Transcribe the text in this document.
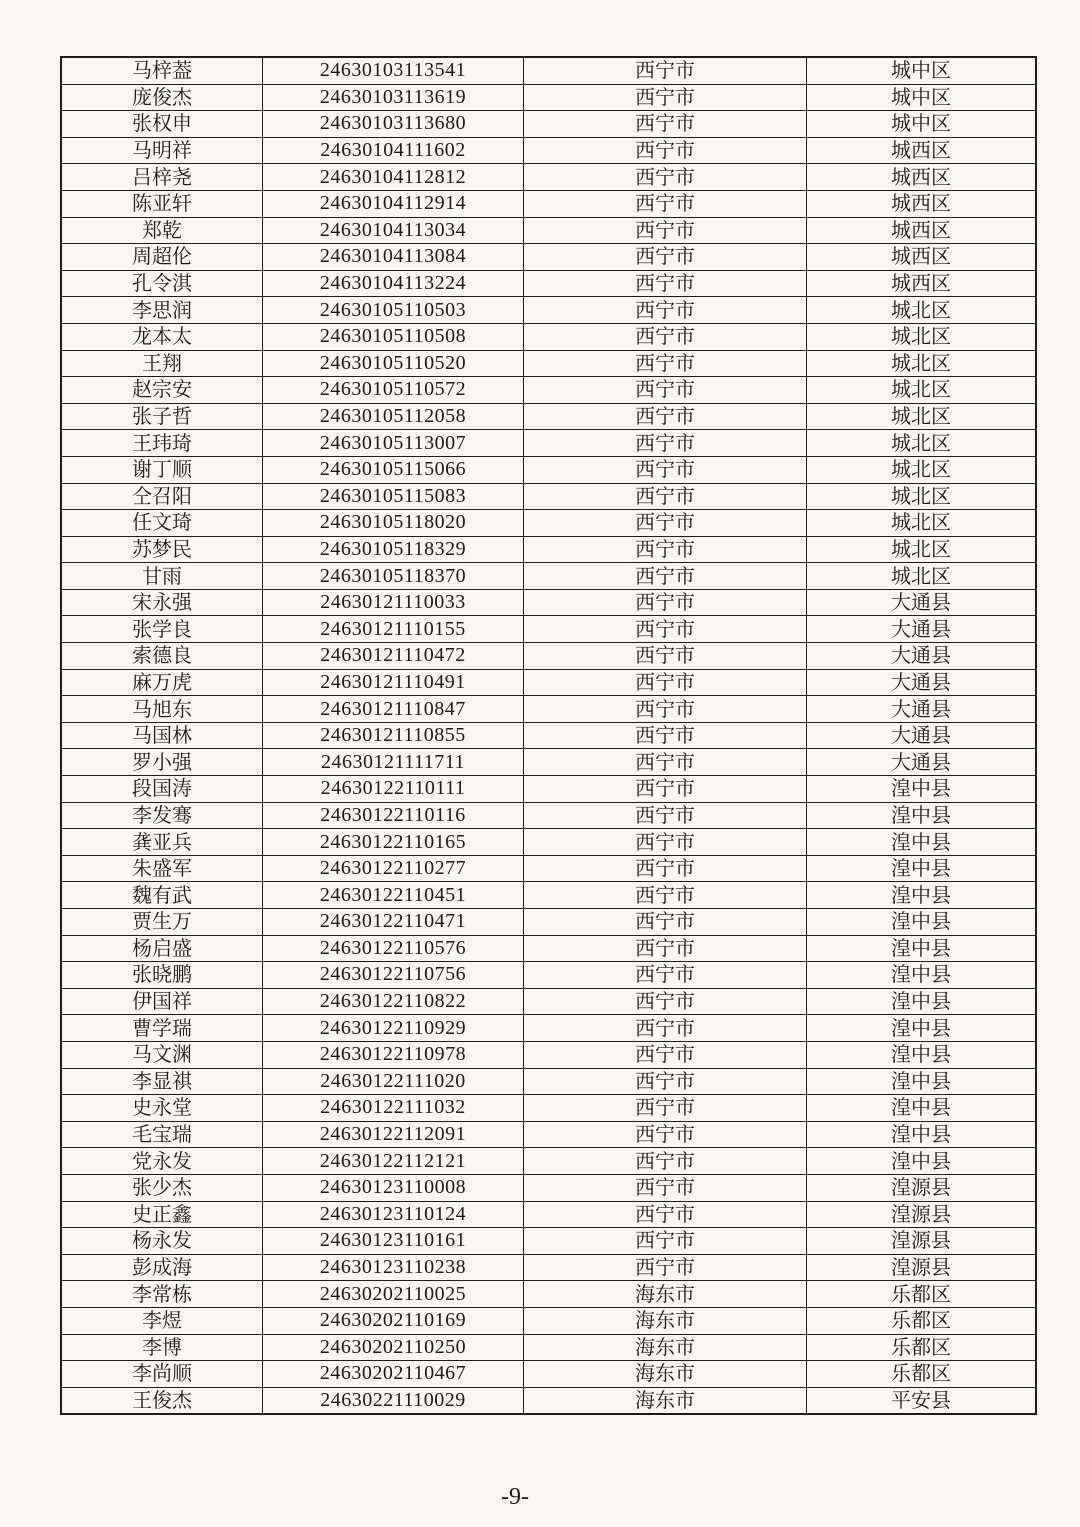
马梓葢	24630103113541	西宁市	城中区
庞俊杰	24630103113619	西宁市	城中区
张权申	24630103113680	西宁市	城中区
马明祥	24630104111602	西宁市	城西区
吕梓尧	24630104112812	西宁市	城西区
陈亚轩	24630104112914	西宁市	城西区
郑乾	24630104113034	西宁市	城西区
周超伦	24630104113084	西宁市	城西区
孔令淇	24630104113224	西宁市	城西区
李思润	24630105110503	西宁市	城北区
龙本太	24630105110508	西宁市	城北区
王翔	24630105110520	西宁市	城北区
赵宗安	24630105110572	西宁市	城北区
张子哲	24630105112058	西宁市	城北区
王玮琦	24630105113007	西宁市	城北区
谢丁顺	24630105115066	西宁市	城北区
仝召阳	24630105115083	西宁市	城北区
任文琦	24630105118020	西宁市	城北区
苏梦民	24630105118329	西宁市	城北区
甘雨	24630105118370	西宁市	城北区
宋永强	24630121110033	西宁市	大通县
张学良	24630121110155	西宁市	大通县
索德良	24630121110472	西宁市	大通县
麻万虎	24630121110491	西宁市	大通县
马旭东	24630121110847	西宁市	大通县
马国林	24630121110855	西宁市	大通县
罗小强	24630121111711	西宁市	大通县
段国涛	24630122110111	西宁市	湟中县
李发骞	24630122110116	西宁市	湟中县
龚亚兵	24630122110165	西宁市	湟中县
朱盛军	24630122110277	西宁市	湟中县
魏有武	24630122110451	西宁市	湟中县
贾生万	24630122110471	西宁市	湟中县
杨启盛	24630122110576	西宁市	湟中县
张晓鹏	24630122110756	西宁市	湟中县
伊国祥	24630122110822	西宁市	湟中县
曹学瑞	24630122110929	西宁市	湟中县
马文渊	24630122110978	西宁市	湟中县
李显祺	24630122111020	西宁市	湟中县
史永堂	24630122111032	西宁市	湟中县
毛宝瑞	24630122112091	西宁市	湟中县
党永发	24630122112121	西宁市	湟中县
张少杰	24630123110008	西宁市	湟源县
史正鑫	24630123110124	西宁市	湟源县
杨永发	24630123110161	西宁市	湟源县
彭成海	24630123110238	西宁市	湟源县
李常栋	24630202110025	海东市	乐都区
李煜	24630202110169	海东市	乐都区
李博	24630202110250	海东市	乐都区
李尚顺	24630202110467	海东市	乐都区
王俊杰	24630221110029	海东市	平安县
-9-
